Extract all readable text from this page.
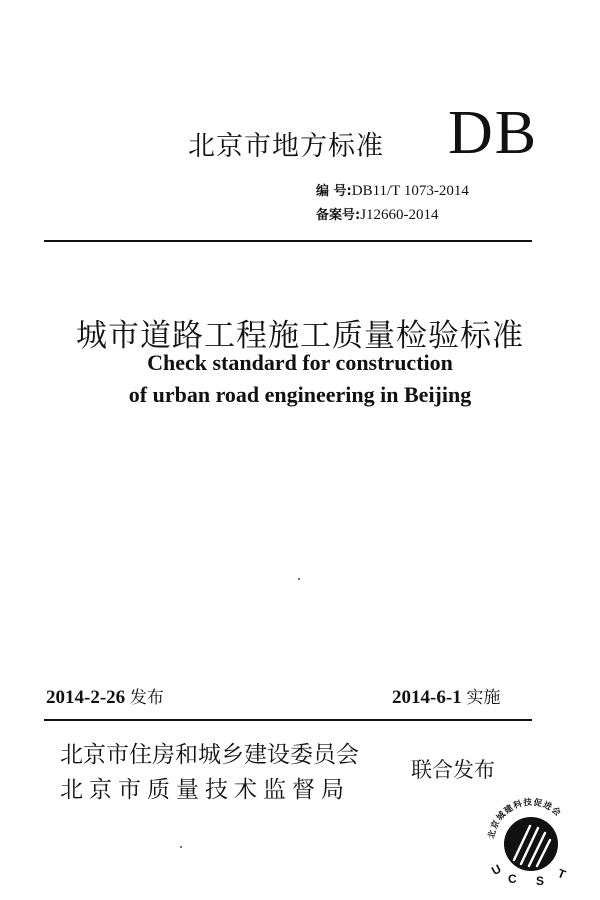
北京市地方标准 DB
编 号:DB11/T 1073-2014
备案号:J12660-2014
城市道路工程施工质量检验标准
Check standard for construction
of urban road engineering in Beijing
2014-2-26 发布	2014-6-1 实施
北京市住房和城乡建设委员会
北京市质量技术监督局
联合发布
北京城建科技促进会
U
C S T
